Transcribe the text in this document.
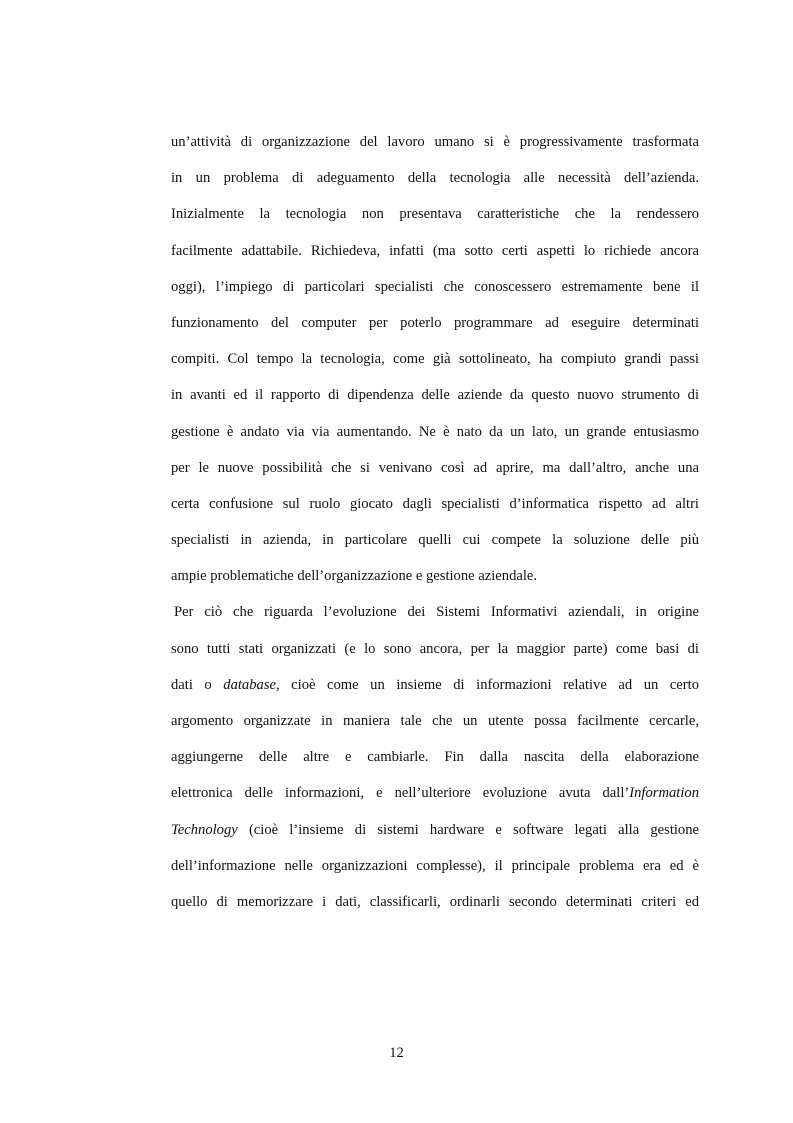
un’attività di organizzazione del lavoro umano si è progressivamente trasformata
in un problema di adeguamento della tecnologia alle necessità dell’azienda.
Inizialmente la tecnologia non presentava caratteristiche che la rendessero
facilmente adattabile. Richiedeva, infatti (ma sotto certi aspetti lo richiede ancora
oggi), l’impiego di particolari specialisti che conoscessero estremamente bene il
funzionamento del computer per poterlo programmare ad eseguire determinati
compiti. Col tempo la tecnologia, come già sottolineato, ha compiuto grandi passi
in avanti ed il rapporto di dipendenza delle aziende da questo nuovo strumento di
gestione è andato via via aumentando. Ne è nato da un lato, un grande entusiasmo
per le nuove possibilità che si venivano così ad aprire, ma dall’altro, anche una
certa confusione sul ruolo giocato dagli specialisti d’informatica rispetto ad altri
specialisti in azienda, in particolare quelli cui compete la soluzione delle più
ampie problematiche dell’organizzazione e gestione aziendale.
Per ciò che riguarda l’evoluzione dei Sistemi Informativi aziendali, in origine
sono tutti stati organizzati (e lo sono ancora, per la maggior parte) come basi di
dati o database, cioè come un insieme di informazioni relative ad un certo
argomento organizzate in maniera tale che un utente possa facilmente cercarle,
aggiungerne delle altre e cambiarle. Fin dalla nascita della elaborazione
elettronica delle informazioni, e nell’ulteriore evoluzione avuta dall’Information
Technology (cioè l’insieme di sistemi hardware e software legati alla gestione
dell’informazione nelle organizzazioni complesse), il principale problema era ed è
quello di memorizzare i dati, classificarli, ordinarli secondo determinati criteri ed
12
